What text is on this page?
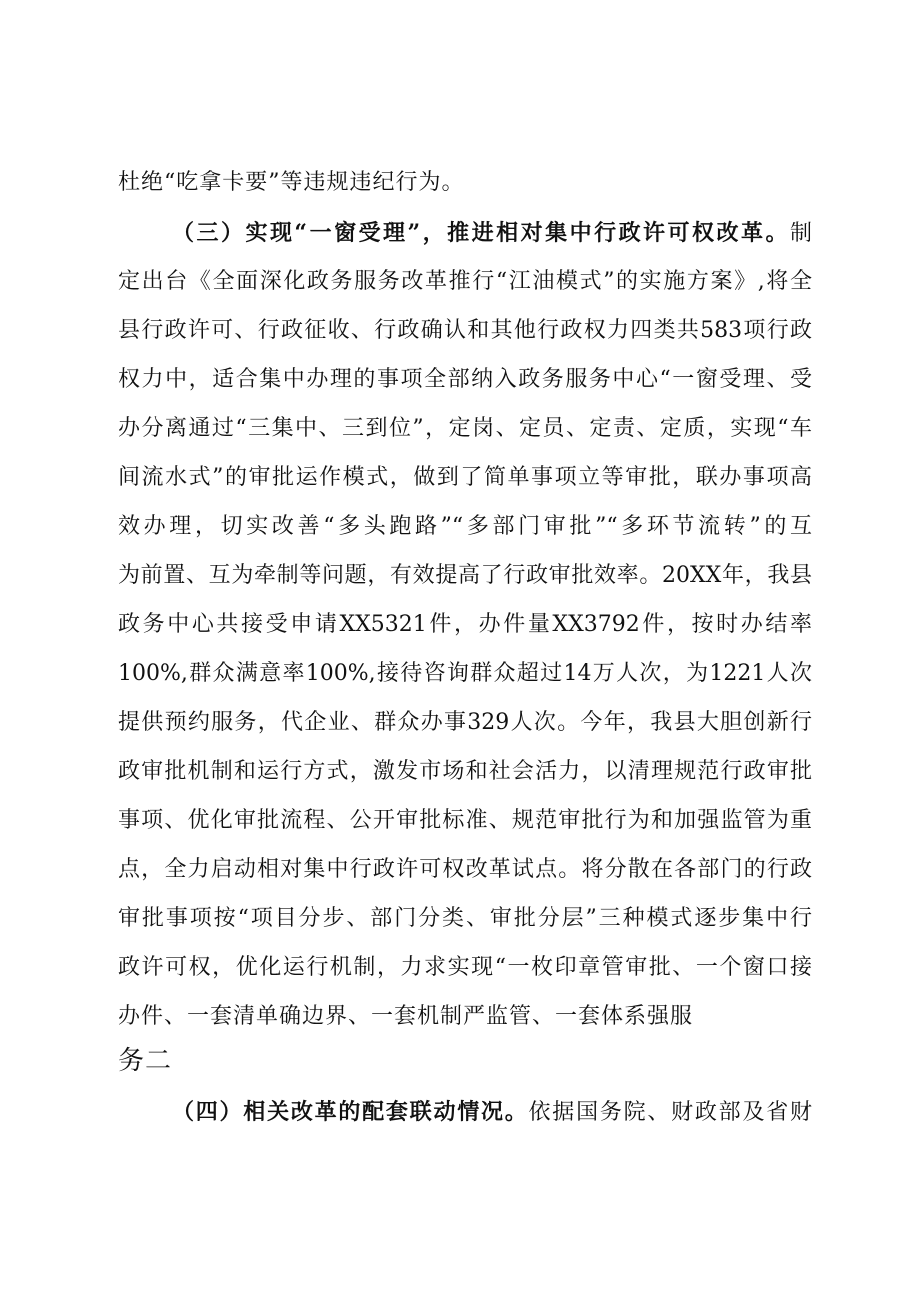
杜绝“吃拿卡要”等违规违纪行为。
（三）实现“一窗受理”，推进相对集中行政许可权改革。制
定出台《全面深化政务服务改革推行“江油模式”的实施方案》,将全
县行政许可、行政征收、行政确认和其他行政权力四类共583项行政
权力中，适合集中办理的事项全部纳入政务服务中心“一窗受理、受
办分离通过“三集中、三到位”，定岗、定员、定责、定质，实现“车
间流水式”的审批运作模式，做到了简单事项立等审批，联办事项高
效办理，切实改善“多头跑路”“多部门审批”“多环节流转”的互
为前置、互为牵制等问题，有效提高了行政审批效率。20XX年，我县
政务中心共接受申请XX5321件，办件量XX3792件，按时办结率
100%,群众满意率100%,接待咨询群众超过14万人次，为1221人次
提供预约服务，代企业、群众办事329人次。今年，我县大胆创新行
政审批机制和运行方式，激发市场和社会活力，以清理规范行政审批
事项、优化审批流程、公开审批标准、规范审批行为和加强监管为重
点，全力启动相对集中行政许可权改革试点。将分散在各部门的行政
审批事项按“项目分步、部门分类、审批分层”三种模式逐步集中行
政许可权，优化运行机制，力求实现“一枚印章管审批、一个窗口接
办件、一套清单确边界、一套机制严监管、一套体系强服
务二
（四）相关改革的配套联动情况。依据国务院、财政部及省财
